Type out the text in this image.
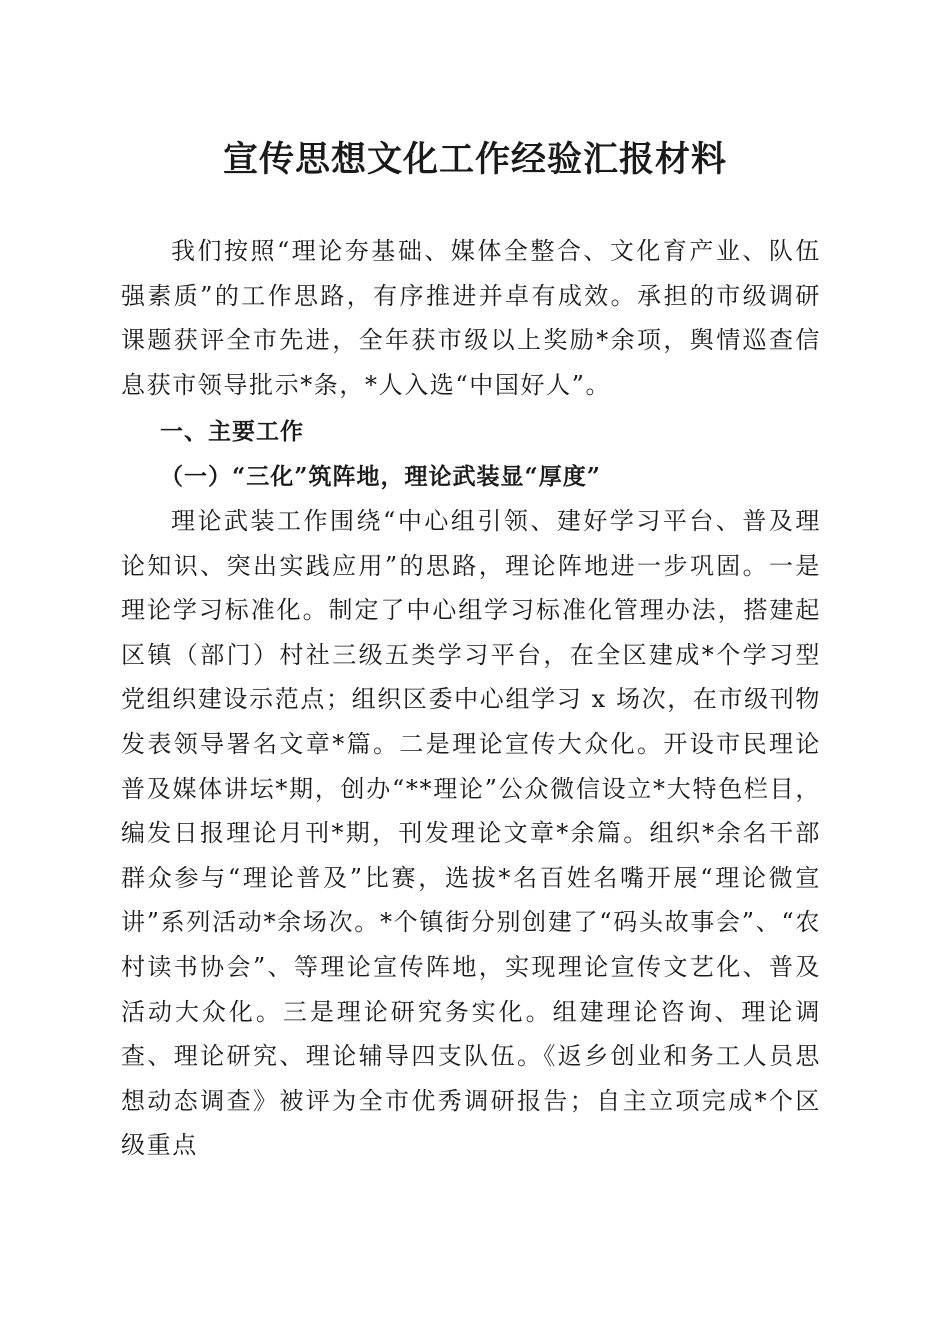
宣传思想文化工作经验汇报材料

我们按照“理论夯基础、媒体全整合、文化育产业、队伍强素质”的工作思路，有序推进并卓有成效。承担的市级调研课题获评全市先进，全年获市级以上奖励*余项，舆情巡查信息获市领导批示*条，*人入选“中国好人”。

一、主要工作
（一）“三化”筑阵地，理论武装显“厚度”

理论武装工作围绕“中心组引领、建好学习平台、普及理论知识、突出实践应用”的思路，理论阵地进一步巩固。一是理论学习标准化。制定了中心组学习标准化管理办法，搭建起区镇（部门）村社三级五类学习平台，在全区建成*个学习型党组织建设示范点；组织区委中心组学习 x 场次，在市级刊物发表领导署名文章*篇。二是理论宣传大众化。开设市民理论普及媒体讲坛*期，创办“**理论”公众微信设立*大特色栏目，编发日报理论月刊*期，刊发理论文章*余篇。组织*余名干部群众参与“理论普及”比赛，选拔*名百姓名嘴开展“理论微宣讲”系列活动*余场次。*个镇街分别创建了“码头故事会”、“农村读书协会”、等理论宣传阵地，实现理论宣传文艺化、普及活动大众化。三是理论研究务实化。组建理论咨询、理论调查、理论研究、理论辅导四支队伍。《返乡创业和务工人员思想动态调查》被评为全市优秀调研报告；自主立项完成*个区级重点
